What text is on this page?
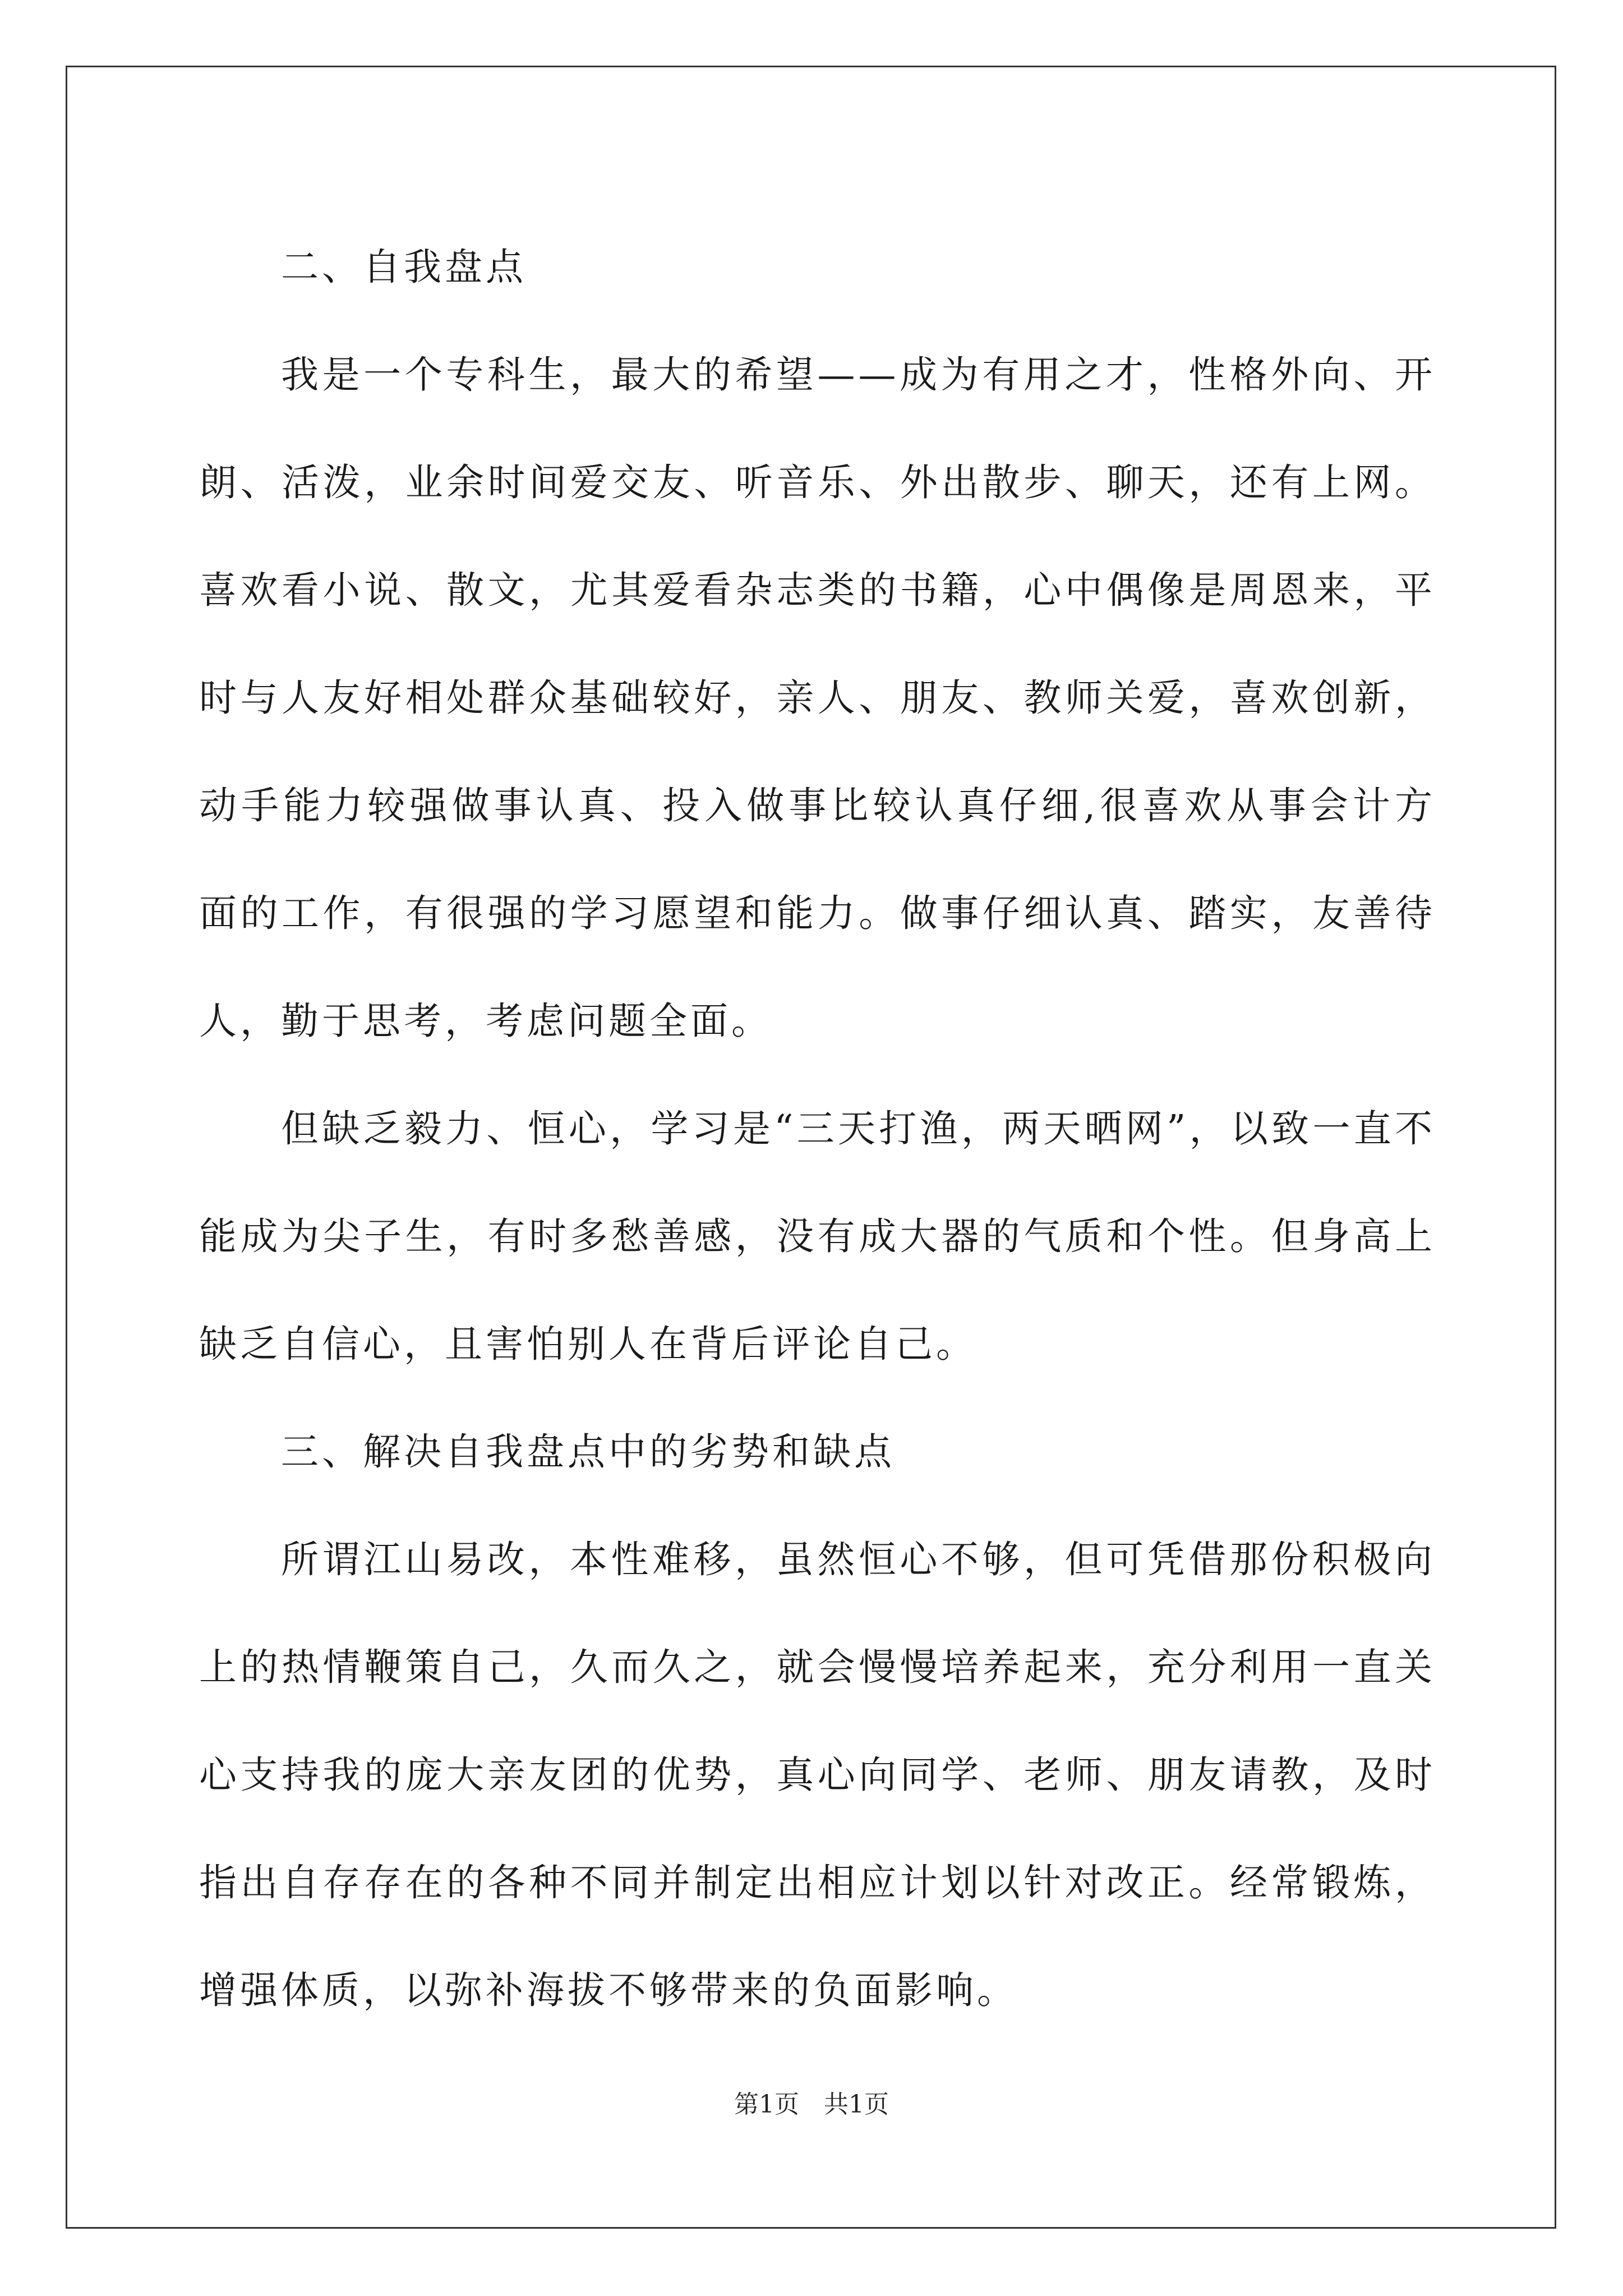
二、自我盘点

我是一个专科生，最大的希望——成为有用之才，性格外向、开朗、活泼，业余时间爱交友、听音乐、外出散步、聊天，还有上网。喜欢看小说、散文，尤其爱看杂志类的书籍，心中偶像是周恩来，平时与人友好相处群众基础较好，亲人、朋友、教师关爱，喜欢创新，动手能力较强做事认真、投入做事比较认真仔细,很喜欢从事会计方面的工作，有很强的学习愿望和能力。做事仔细认真、踏实，友善待人，勤于思考，考虑问题全面。

但缺乏毅力、恒心，学习是“三天打渔，两天晒网”，以致一直不能成为尖子生，有时多愁善感，没有成大器的气质和个性。但身高上缺乏自信心，且害怕别人在背后评论自己。

三、解决自我盘点中的劣势和缺点

所谓江山易改，本性难移，虽然恒心不够，但可凭借那份积极向上的热情鞭策自己，久而久之，就会慢慢培养起来，充分利用一直关心支持我的庞大亲友团的优势，真心向同学、老师、朋友请教，及时指出自存存在的各种不同并制定出相应计划以针对改正。经常锻炼，增强体质，以弥补海拔不够带来的负面影响。

第1页 共1页
